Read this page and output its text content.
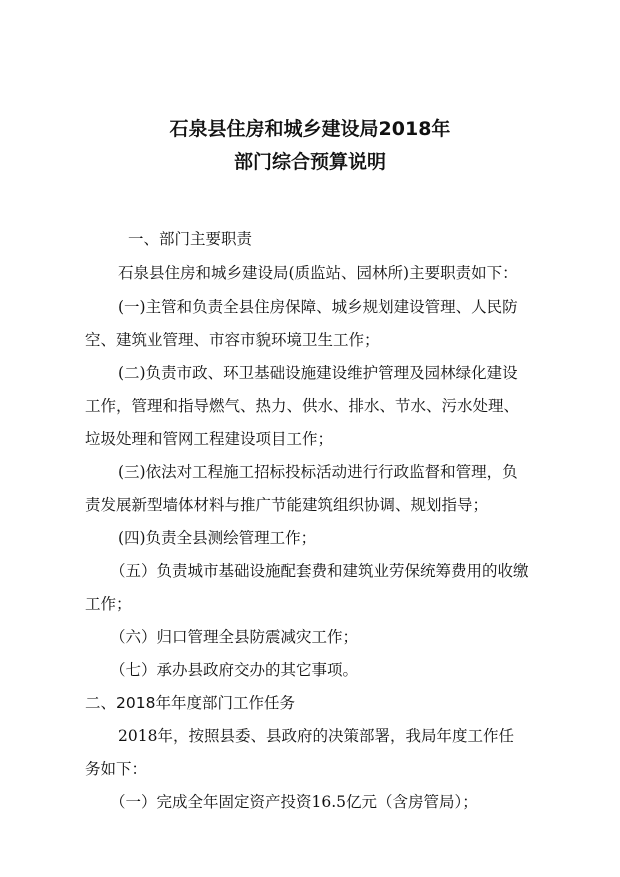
石泉县住房和城乡建设局2018年
部门综合预算说明
一、部门主要职责
石泉县住房和城乡建设局(质监站、园林所)主要职责如下：
(一)主管和负责全县住房保障、城乡规划建设管理、人民防
空、建筑业管理、市容市貌环境卫生工作；
(二)负责市政、环卫基础设施建设维护管理及园林绿化建设
工作，管理和指导燃气、热力、供水、排水、节水、污水处理、
垃圾处理和管网工程建设项目工作；
(三)依法对工程施工招标投标活动进行行政监督和管理，负
责发展新型墙体材料与推广节能建筑组织协调、规划指导；
(四)负责全县测绘管理工作；
（五）负责城市基础设施配套费和建筑业劳保统筹费用的收缴
工作；
（六）归口管理全县防震减灾工作；
（七）承办县政府交办的其它事项。
二、2018年年度部门工作任务
2018年，按照县委、县政府的决策部署，我局年度工作任
务如下：
（一）完成全年固定资产投资16.5亿元（含房管局）；
